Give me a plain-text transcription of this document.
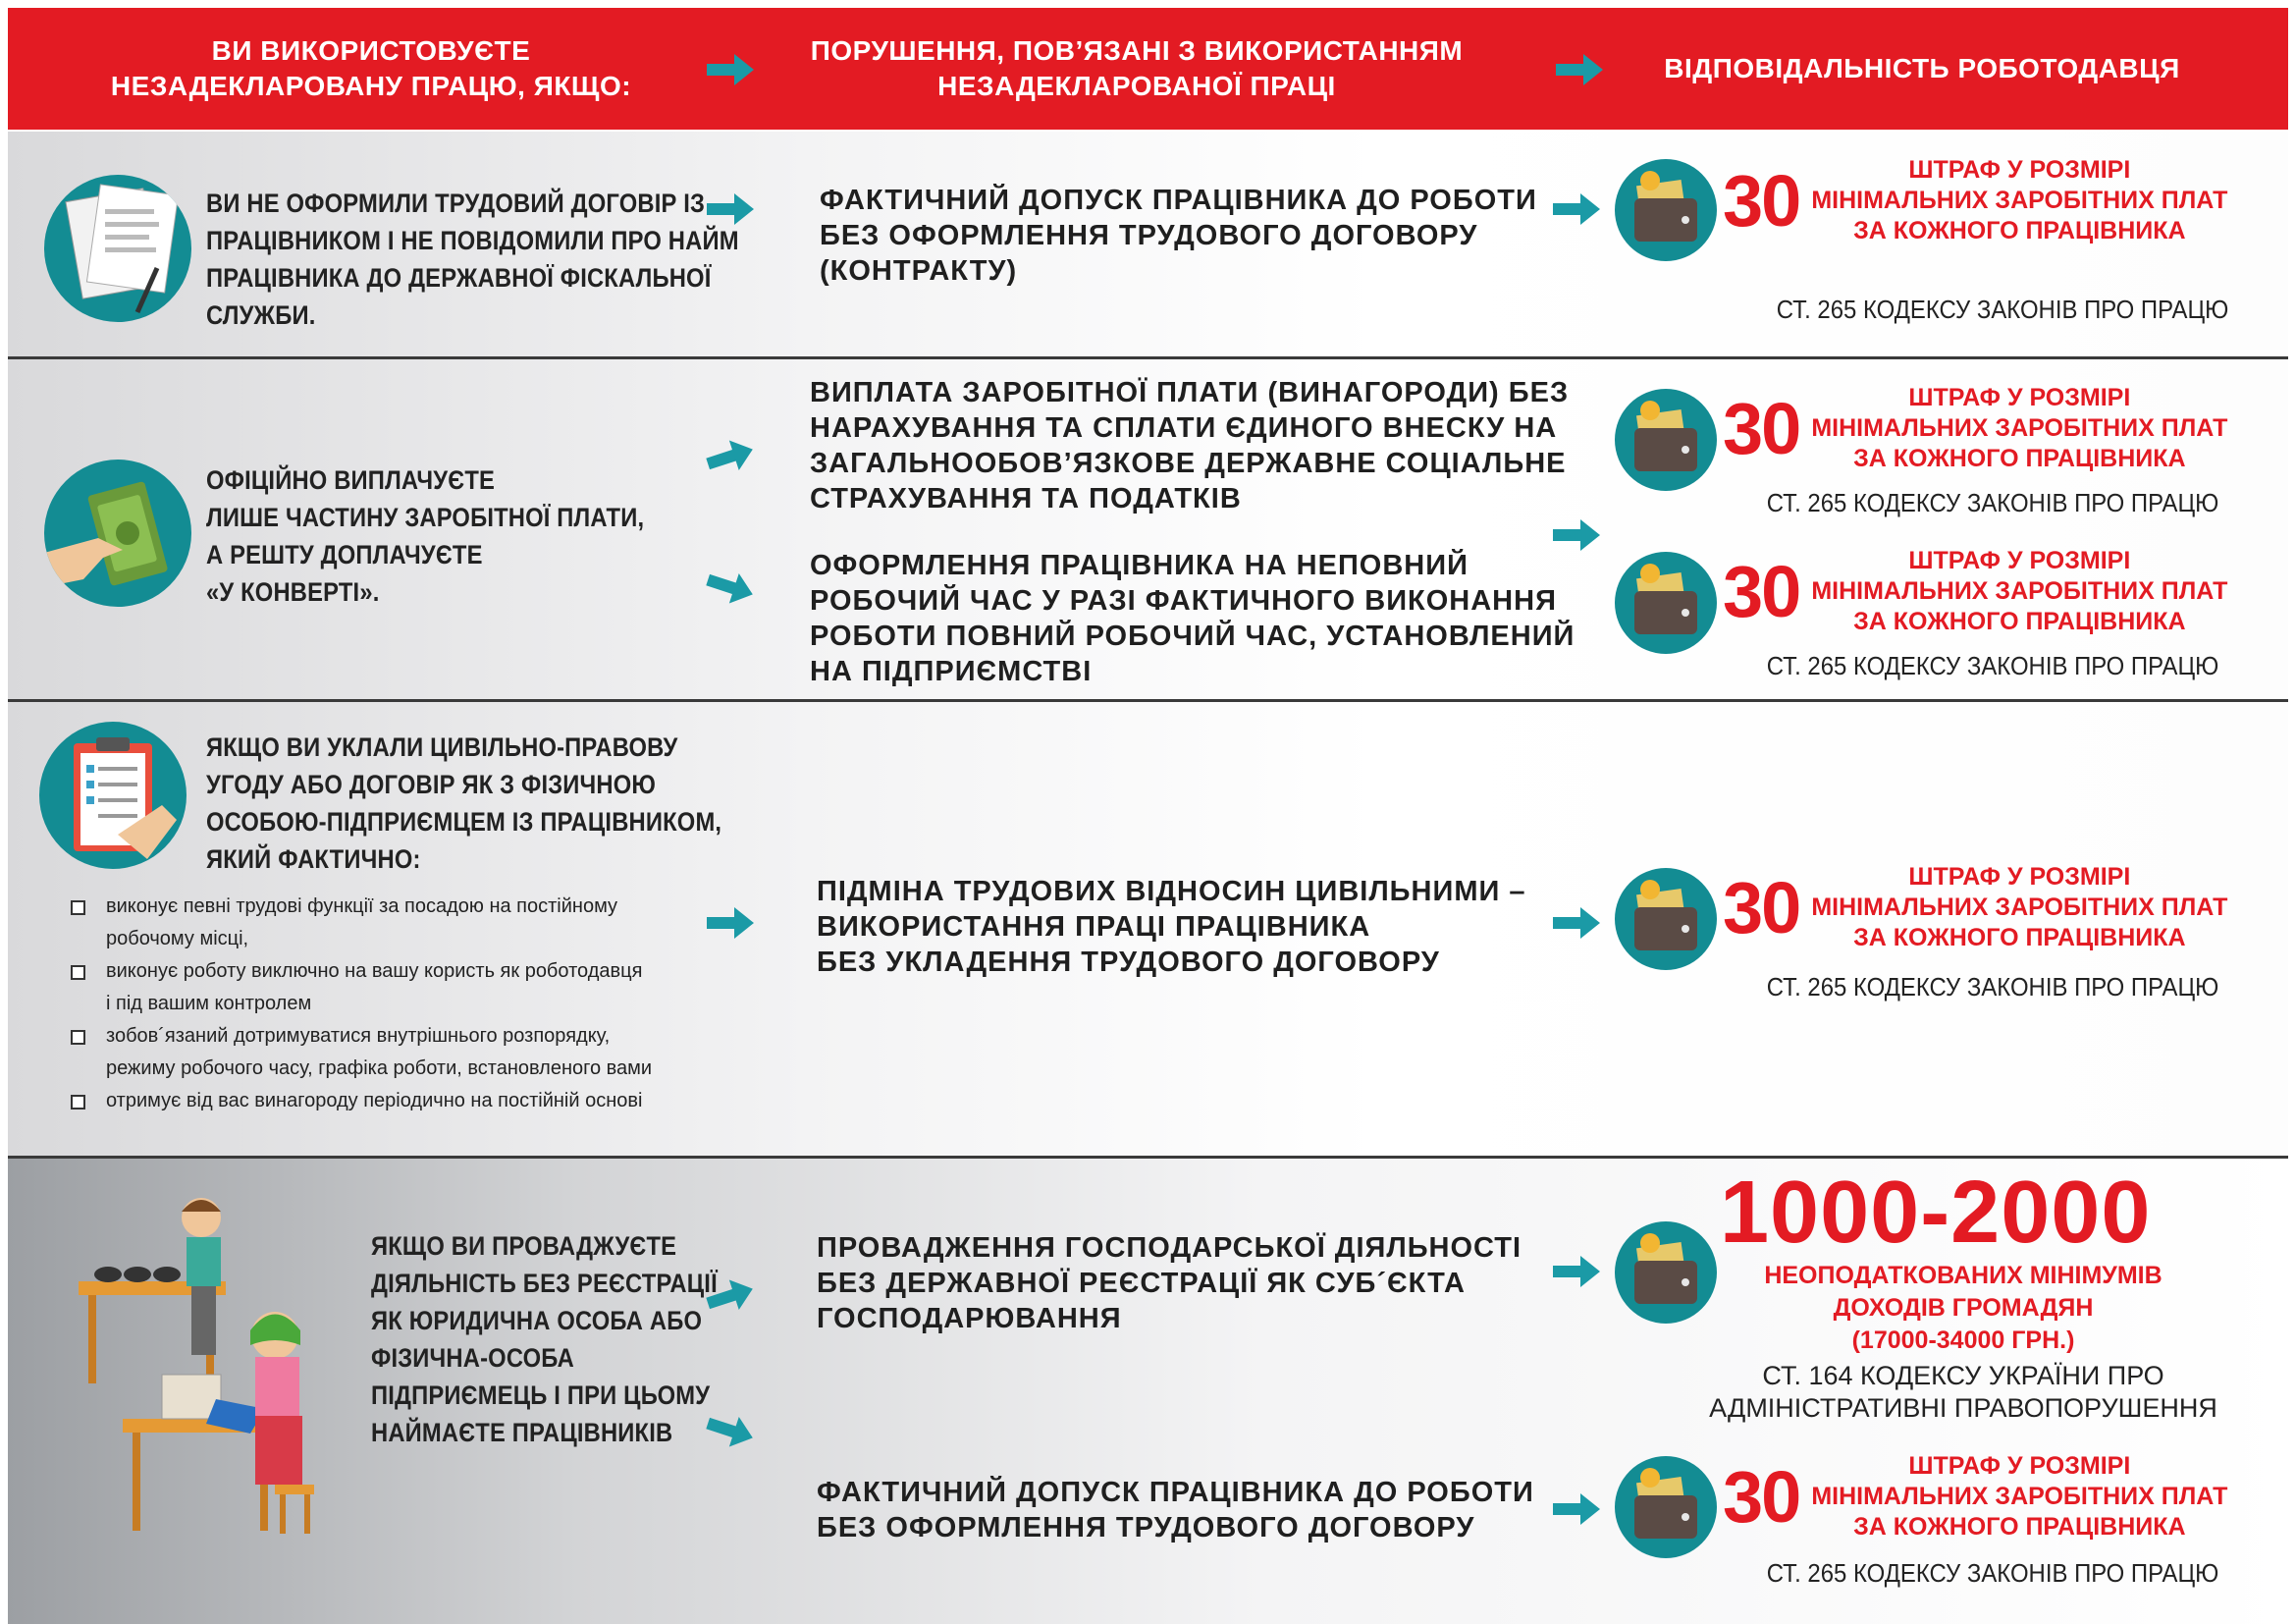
ВИ ВИКОРИСТОВУЄТЕ
НЕЗАДЕКЛАРОВАНУ ПРАЦЮ, ЯКЩО:
ПОРУШЕННЯ, ПОВ’ЯЗАНІ З ВИКОРИСТАННЯМ
НЕЗАДЕКЛАРОВАНОЇ ПРАЦІ
ВІДПОВІДАЛЬНІСТЬ РОБОТОДАВЦЯ
ВИ НЕ ОФОРМИЛИ ТРУДОВИЙ ДОГОВІР ІЗ
ПРАЦІВНИКОМ І НЕ ПОВІДОМИЛИ ПРО НАЙМ
ПРАЦІВНИКА ДО ДЕРЖАВНОЇ ФІСКАЛЬНОЇ
СЛУЖБИ.
ФАКТИЧНИЙ ДОПУСК ПРАЦІВНИКА ДО РОБОТИ
БЕЗ ОФОРМЛЕННЯ ТРУДОВОГО ДОГОВОРУ
(КОНТРАКТУ)
30	ШТРАФ У РОЗМІРІ
МІНІМАЛЬНИХ ЗАРОБІТНИХ ПЛАТ
ЗА КОЖНОГО ПРАЦІВНИКА
СТ. 265 КОДЕКСУ ЗАКОНІВ ПРО ПРАЦЮ
ОФІЦІЙНО ВИПЛАЧУЄТЕ
ЛИШЕ ЧАСТИНУ ЗАРОБІТНОЇ ПЛАТИ,
А РЕШТУ ДОПЛАЧУЄТЕ
«У КОНВЕРТІ».
ВИПЛАТА ЗАРОБІТНОЇ ПЛАТИ (ВИНАГОРОДИ) БЕЗ
НАРАХУВАННЯ ТА СПЛАТИ ЄДИНОГО ВНЕСКУ НА
ЗАГАЛЬНООБОВ’ЯЗКОВЕ ДЕРЖАВНЕ СОЦІАЛЬНЕ
СТРАХУВАННЯ ТА ПОДАТКІВ
ОФОРМЛЕННЯ ПРАЦІВНИКА НА НЕПОВНИЙ
РОБОЧИЙ ЧАС У РАЗІ ФАКТИЧНОГО ВИКОНАННЯ
РОБОТИ ПОВНИЙ РОБОЧИЙ ЧАС, УСТАНОВЛЕНИЙ
НА ПІДПРИЄМСТВІ
30	ШТРАФ У РОЗМІРІ
МІНІМАЛЬНИХ ЗАРОБІТНИХ ПЛАТ
ЗА КОЖНОГО ПРАЦІВНИКА
СТ. 265 КОДЕКСУ ЗАКОНІВ ПРО ПРАЦЮ
30	ШТРАФ У РОЗМІРІ
МІНІМАЛЬНИХ ЗАРОБІТНИХ ПЛАТ
ЗА КОЖНОГО ПРАЦІВНИКА
СТ. 265 КОДЕКСУ ЗАКОНІВ ПРО ПРАЦЮ
ЯКЩО ВИ УКЛАЛИ ЦИВІЛЬНО-ПРАВОВУ
УГОДУ АБО ДОГОВІР ЯК З ФІЗИЧНОЮ
ОСОБОЮ-ПІДПРИЄМЦЕМ ІЗ ПРАЦІВНИКОМ,
ЯКИЙ ФАКТИЧНО:
виконує певні трудові функції за посадою на постійному
робочому місці,
виконує роботу виключно на вашу користь як роботодавця
і під вашим контролем
зобов´язаний дотримуватися внутрішнього розпорядку,
режиму робочого часу, графіка роботи, встановленого вами
отримує від вас винагороду періодично на постійній основі
ПІДМІНА ТРУДОВИХ ВІДНОСИН ЦИВІЛЬНИМИ –
ВИКОРИСТАННЯ ПРАЦІ ПРАЦІВНИКА
БЕЗ УКЛАДЕННЯ ТРУДОВОГО ДОГОВОРУ
30	ШТРАФ У РОЗМІРІ
МІНІМАЛЬНИХ ЗАРОБІТНИХ ПЛАТ
ЗА КОЖНОГО ПРАЦІВНИКА
СТ. 265 КОДЕКСУ ЗАКОНІВ ПРО ПРАЦЮ
ЯКЩО ВИ ПРОВАДЖУЄТЕ
ДІЯЛЬНІСТЬ БЕЗ РЕЄСТРАЦІЇ
ЯК ЮРИДИЧНА ОСОБА АБО
ФІЗИЧНА-ОСОБА
ПІДПРИЄМЕЦЬ І ПРИ ЦЬОМУ
НАЙМАЄТЕ ПРАЦІВНИКІВ
ПРОВАДЖЕННЯ ГОСПОДАРСЬКОЇ ДІЯЛЬНОСТІ
БЕЗ ДЕРЖАВНОЇ РЕЄСТРАЦІЇ ЯК СУБ´ЄКТА
ГОСПОДАРЮВАННЯ
ФАКТИЧНИЙ ДОПУСК ПРАЦІВНИКА ДО РОБОТИ
БЕЗ ОФОРМЛЕННЯ ТРУДОВОГО ДОГОВОРУ
1000-2000
НЕОПОДАТКОВАНИХ МІНІМУМІВ
ДОХОДІВ ГРОМАДЯН
(17000-34000 ГРН.)
СТ. 164 КОДЕКСУ УКРАЇНИ ПРО
АДМІНІСТРАТИВНІ ПРАВОПОРУШЕННЯ
30	ШТРАФ У РОЗМІРІ
МІНІМАЛЬНИХ ЗАРОБІТНИХ ПЛАТ
ЗА КОЖНОГО ПРАЦІВНИКА
СТ. 265 КОДЕКСУ ЗАКОНІВ ПРО ПРАЦЮ
